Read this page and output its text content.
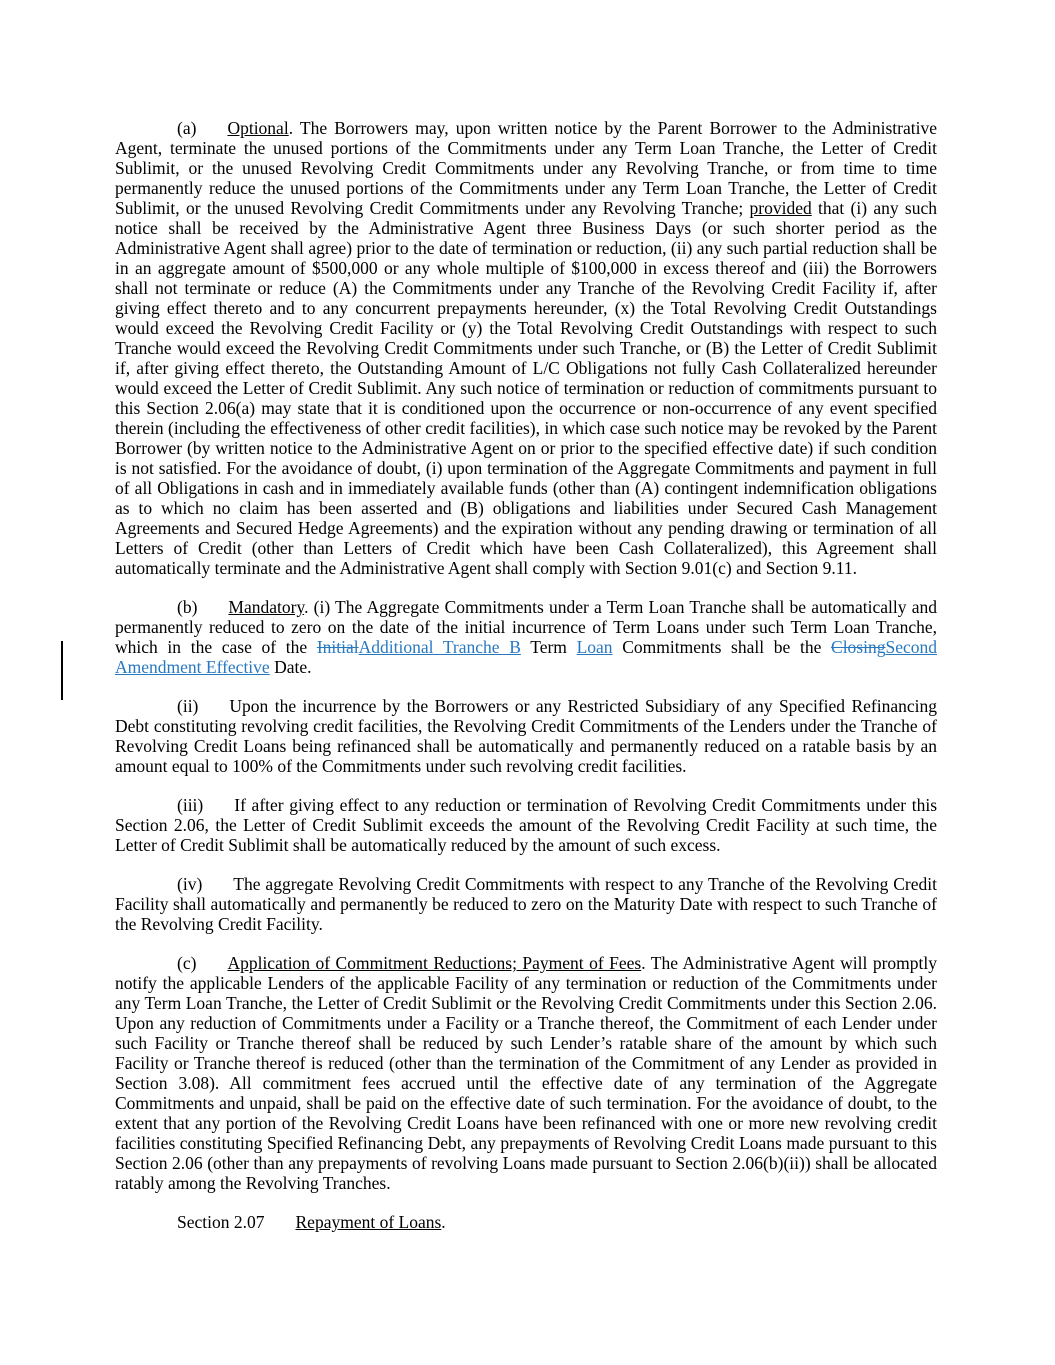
(a) Optional. The Borrowers may, upon written notice by the Parent Borrower to the Administrative Agent, terminate the unused portions of the Commitments under any Term Loan Tranche, the Letter of Credit Sublimit, or the unused Revolving Credit Commitments under any Revolving Tranche, or from time to time permanently reduce the unused portions of the Commitments under any Term Loan Tranche, the Letter of Credit Sublimit, or the unused Revolving Credit Commitments under any Revolving Tranche; provided that (i) any such notice shall be received by the Administrative Agent three Business Days (or such shorter period as the Administrative Agent shall agree) prior to the date of termination or reduction, (ii) any such partial reduction shall be in an aggregate amount of $500,000 or any whole multiple of $100,000 in excess thereof and (iii) the Borrowers shall not terminate or reduce (A) the Commitments under any Tranche of the Revolving Credit Facility if, after giving effect thereto and to any concurrent prepayments hereunder, (x) the Total Revolving Credit Outstandings would exceed the Revolving Credit Facility or (y) the Total Revolving Credit Outstandings with respect to such Tranche would exceed the Revolving Credit Commitments under such Tranche, or (B) the Letter of Credit Sublimit if, after giving effect thereto, the Outstanding Amount of L/C Obligations not fully Cash Collateralized hereunder would exceed the Letter of Credit Sublimit. Any such notice of termination or reduction of commitments pursuant to this Section 2.06(a) may state that it is conditioned upon the occurrence or non-occurrence of any event specified therein (including the effectiveness of other credit facilities), in which case such notice may be revoked by the Parent Borrower (by written notice to the Administrative Agent on or prior to the specified effective date) if such condition is not satisfied. For the avoidance of doubt, (i) upon termination of the Aggregate Commitments and payment in full of all Obligations in cash and in immediately available funds (other than (A) contingent indemnification obligations as to which no claim has been asserted and (B) obligations and liabilities under Secured Cash Management Agreements and Secured Hedge Agreements) and the expiration without any pending drawing or termination of all Letters of Credit (other than Letters of Credit which have been Cash Collateralized), this Agreement shall automatically terminate and the Administrative Agent shall comply with Section 9.01(c) and Section 9.11.

(b) Mandatory. (i) The Aggregate Commitments under a Term Loan Tranche shall be automatically and permanently reduced to zero on the date of the initial incurrence of Term Loans under such Term Loan Tranche, which in the case of the InitialAdditional Tranche B Term Loan Commitments shall be the ClosingSecond Amendment Effective Date.

(ii) Upon the incurrence by the Borrowers or any Restricted Subsidiary of any Specified Refinancing Debt constituting revolving credit facilities, the Revolving Credit Commitments of the Lenders under the Tranche of Revolving Credit Loans being refinanced shall be automatically and permanently reduced on a ratable basis by an amount equal to 100% of the Commitments under such revolving credit facilities.

(iii) If after giving effect to any reduction or termination of Revolving Credit Commitments under this Section 2.06, the Letter of Credit Sublimit exceeds the amount of the Revolving Credit Facility at such time, the Letter of Credit Sublimit shall be automatically reduced by the amount of such excess.

(iv) The aggregate Revolving Credit Commitments with respect to any Tranche of the Revolving Credit Facility shall automatically and permanently be reduced to zero on the Maturity Date with respect to such Tranche of the Revolving Credit Facility.

(c) Application of Commitment Reductions; Payment of Fees. The Administrative Agent will promptly notify the applicable Lenders of the applicable Facility of any termination or reduction of the Commitments under any Term Loan Tranche, the Letter of Credit Sublimit or the Revolving Credit Commitments under this Section 2.06. Upon any reduction of Commitments under a Facility or a Tranche thereof, the Commitment of each Lender under such Facility or Tranche thereof shall be reduced by such Lender’s ratable share of the amount by which such Facility or Tranche thereof is reduced (other than the termination of the Commitment of any Lender as provided in Section 3.08). All commitment fees accrued until the effective date of any termination of the Aggregate Commitments and unpaid, shall be paid on the effective date of such termination. For the avoidance of doubt, to the extent that any portion of the Revolving Credit Loans have been refinanced with one or more new revolving credit facilities constituting Specified Refinancing Debt, any prepayments of Revolving Credit Loans made pursuant to this Section 2.06 (other than any prepayments of revolving Loans made pursuant to Section 2.06(b)(ii)) shall be allocated ratably among the Revolving Tranches.

Section 2.07 Repayment of Loans.
